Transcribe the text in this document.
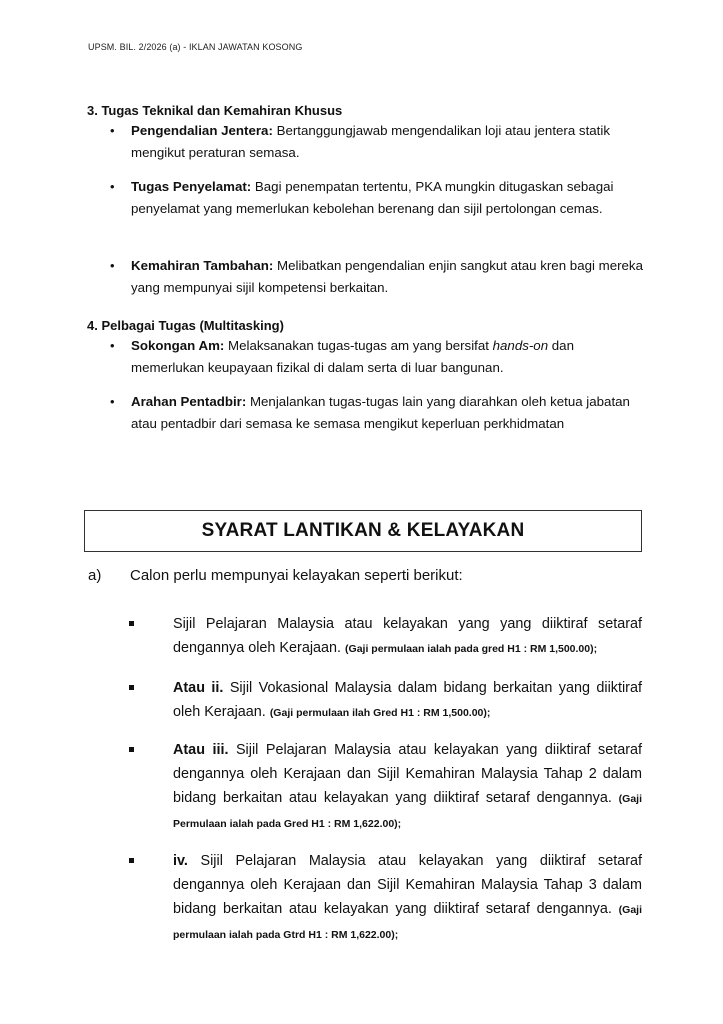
UPSM. BIL. 2/2026 (a) - IKLAN JAWATAN KOSONG
3. Tugas Teknikal dan Kemahiran Khusus
• Pengendalian Jentera: Bertanggungjawab mengendalikan loji atau jentera statik mengikut peraturan semasa.
• Tugas Penyelamat: Bagi penempatan tertentu, PKA mungkin ditugaskan sebagai penyelamat yang memerlukan kebolehan berenang dan sijil pertolongan cemas.
• Kemahiran Tambahan: Melibatkan pengendalian enjin sangkut atau kren bagi mereka yang mempunyai sijil kompetensi berkaitan.
4. Pelbagai Tugas (Multitasking)
• Sokongan Am: Melaksanakan tugas-tugas am yang bersifat hands-on dan memerlukan keupayaan fizikal di dalam serta di luar bangunan.
• Arahan Pentadbir: Menjalankan tugas-tugas lain yang diarahkan oleh ketua jabatan atau pentadbir dari semasa ke semasa mengikut keperluan perkhidmatan
SYARAT LANTIKAN & KELAYAKAN
a) Calon perlu mempunyai kelayakan seperti berikut:
Sijil Pelajaran Malaysia atau kelayakan yang yang diiktiraf setaraf dengannya oleh Kerajaan. (Gaji permulaan ialah pada gred H1 : RM 1,500.00);
Atau ii. Sijil Vokasional Malaysia dalam bidang berkaitan yang diiktiraf oleh Kerajaan. (Gaji permulaan ilah Gred H1 : RM 1,500.00);
Atau iii. Sijil Pelajaran Malaysia atau kelayakan yang diiktiraf setaraf dengannya oleh Kerajaan dan Sijil Kemahiran Malaysia Tahap 2 dalam bidang berkaitan atau kelayakan yang diiktiraf setaraf dengannya. (Gaji Permulaan ialah pada Gred H1 : RM 1,622.00);
iv. Sijil Pelajaran Malaysia atau kelayakan yang diiktiraf setaraf dengannya oleh Kerajaan dan Sijil Kemahiran Malaysia Tahap 3 dalam bidang berkaitan atau kelayakan yang diiktiraf setaraf dengannya. (Gaji permulaan ialah pada Gtrd H1 : RM 1,622.00);
